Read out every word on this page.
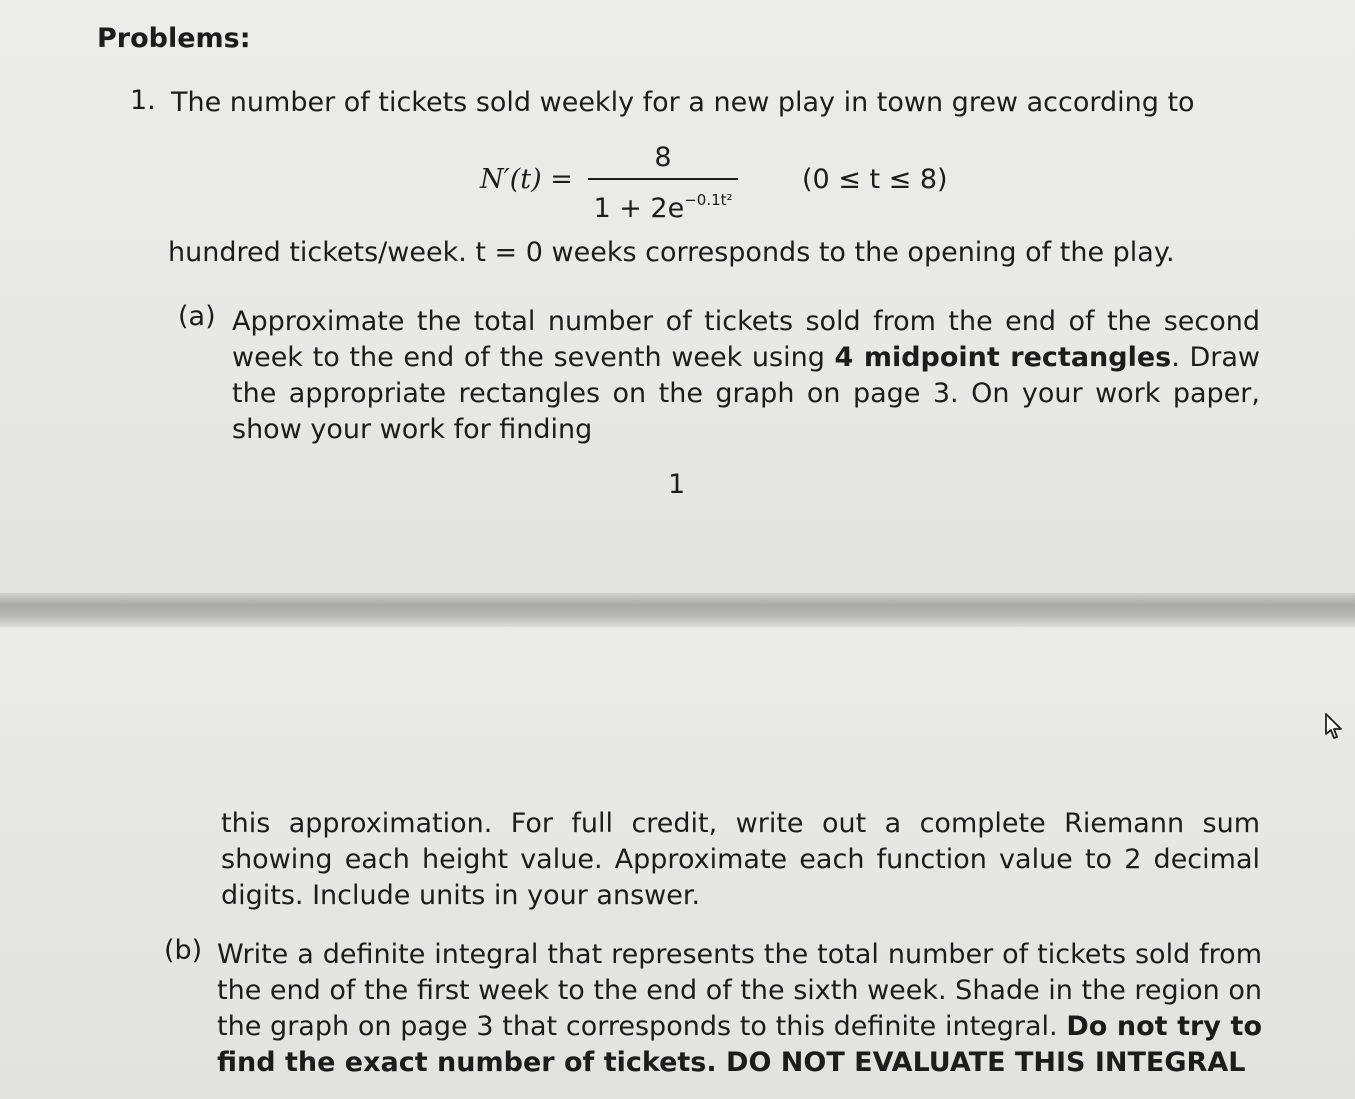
Problems:
1. The number of tickets sold weekly for a new play in town grew according to
N′(t) =
8
$1 + 2e^{-0.1t^2}$
(0 ≤ t ≤ 8)
hundred tickets/week. t = 0 weeks corresponds to the opening of the play.
(a) Approximate the total number of tickets sold from the end of the second week to the end of the seventh week using 4 midpoint rectangles. Draw the appropriate rectangles on the graph on page 3. On your work paper, show your work for finding
1
this approximation. For full credit, write out a complete Riemann sum showing each height value. Approximate each function value to 2 decimal digits. Include units in your answer.
(b) Write a definite integral that represents the total number of tickets sold from the end of the first week to the end of the sixth week. Shade in the region on the graph on page 3 that corresponds to this definite integral. Do not try to find the exact number of tickets. DO NOT EVALUATE THIS INTEGRAL
